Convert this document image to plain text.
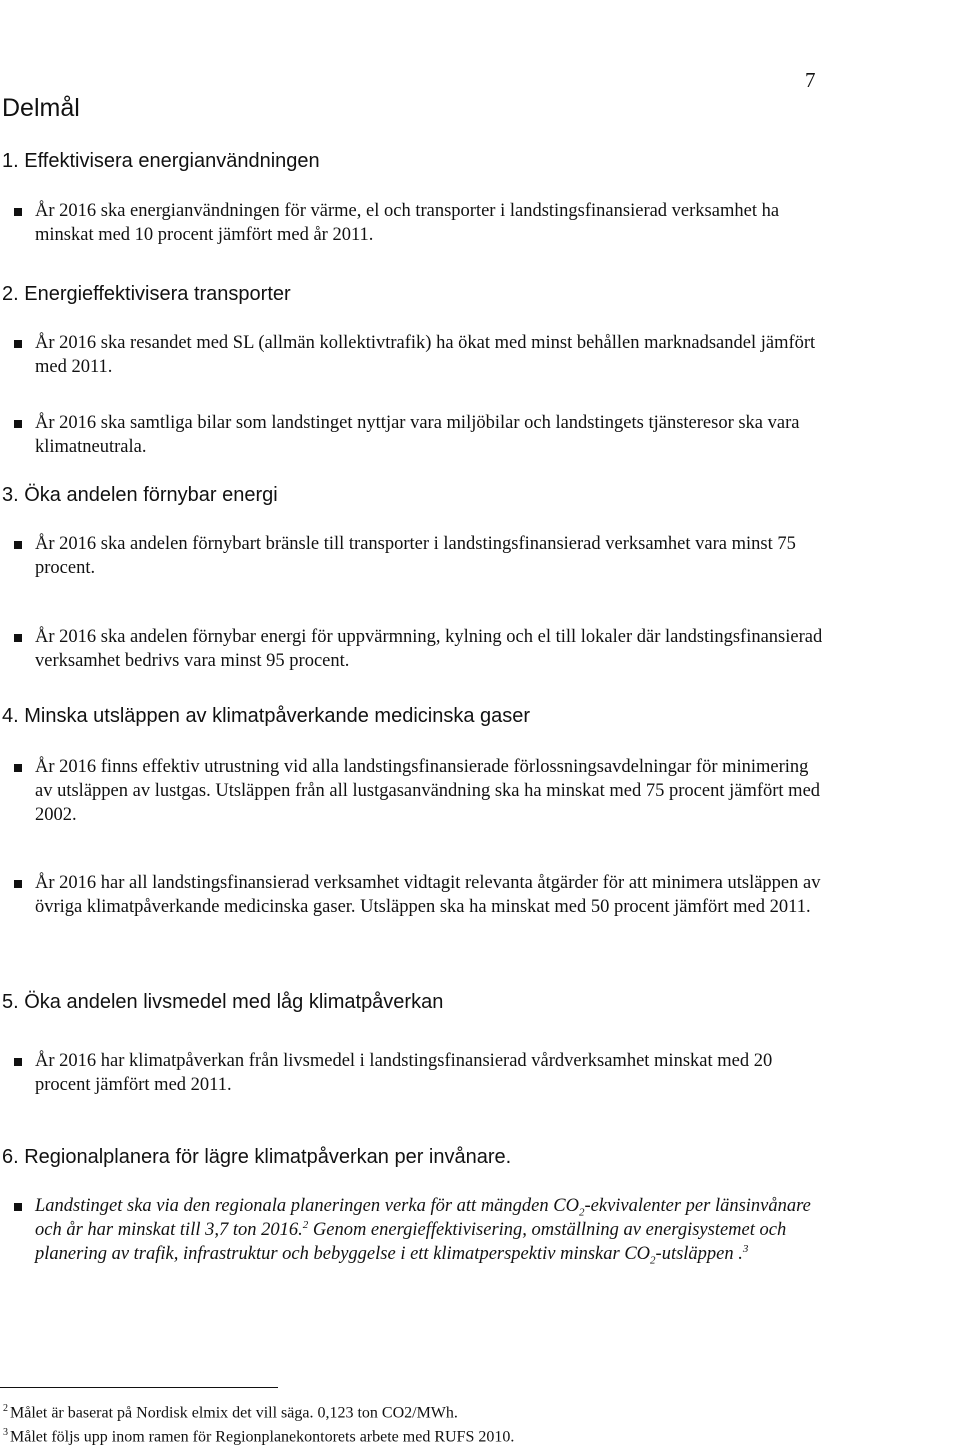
7
Delmål
1. Effektivisera energianvändningen
År 2016 ska energianvändningen för värme, el och transporter i landstingsfinansierad verksamhet ha minskat med 10 procent jämfört med år 2011.
2. Energieffektivisera transporter
År 2016 ska resandet med SL (allmän kollektivtrafik) ha ökat med minst behållen marknadsandel jämfört med 2011.
År 2016 ska samtliga bilar som landstinget nyttjar vara miljöbilar och landstingets tjänsteresor ska vara klimatneutrala.
3. Öka andelen förnybar energi
År 2016 ska andelen förnybart bränsle till transporter i landstingsfinansierad verksamhet vara minst 75 procent.
År 2016 ska andelen förnybar energi för uppvärmning, kylning och el till lokaler där landstingsfinansierad verksamhet bedrivs vara minst 95 procent.
4. Minska utsläppen av klimatpåverkande medicinska gaser
År 2016 finns effektiv utrustning vid alla landstingsfinansierade förlossningsavdelningar för minimering av utsläppen av lustgas. Utsläppen från all lustgasanvändning ska ha minskat med 75 procent jämfört med 2002.
År 2016 har all landstingsfinansierad verksamhet vidtagit relevanta åtgärder för att minimera utsläppen av övriga klimatpåverkande medicinska gaser. Utsläppen ska ha minskat med 50 procent jämfört med 2011.
5. Öka andelen livsmedel med låg klimatpåverkan
År 2016 har klimatpåverkan från livsmedel i landstingsfinansierad vårdverksamhet minskat med 20 procent jämfört med 2011.
6. Regionalplanera för lägre klimatpåverkan per invånare.
Landstinget ska via den regionala planeringen verka för att mängden $CO_2$-ekvivalenter per länsinvånare och år har minskat till 3,7 ton 2016.$^2$ Genom energieffektivisering, omställning av energisystemet och planering av trafik, infrastruktur och bebyggelse i ett klimatperspektiv minskar $CO_2$-utsläppen .$^3$
$^2$ Målet är baserat på Nordisk elmix det vill säga. 0,123 ton CO2/MWh.
$^3$ Målet följs upp inom ramen för Regionplanekontorets arbete med RUFS 2010.
